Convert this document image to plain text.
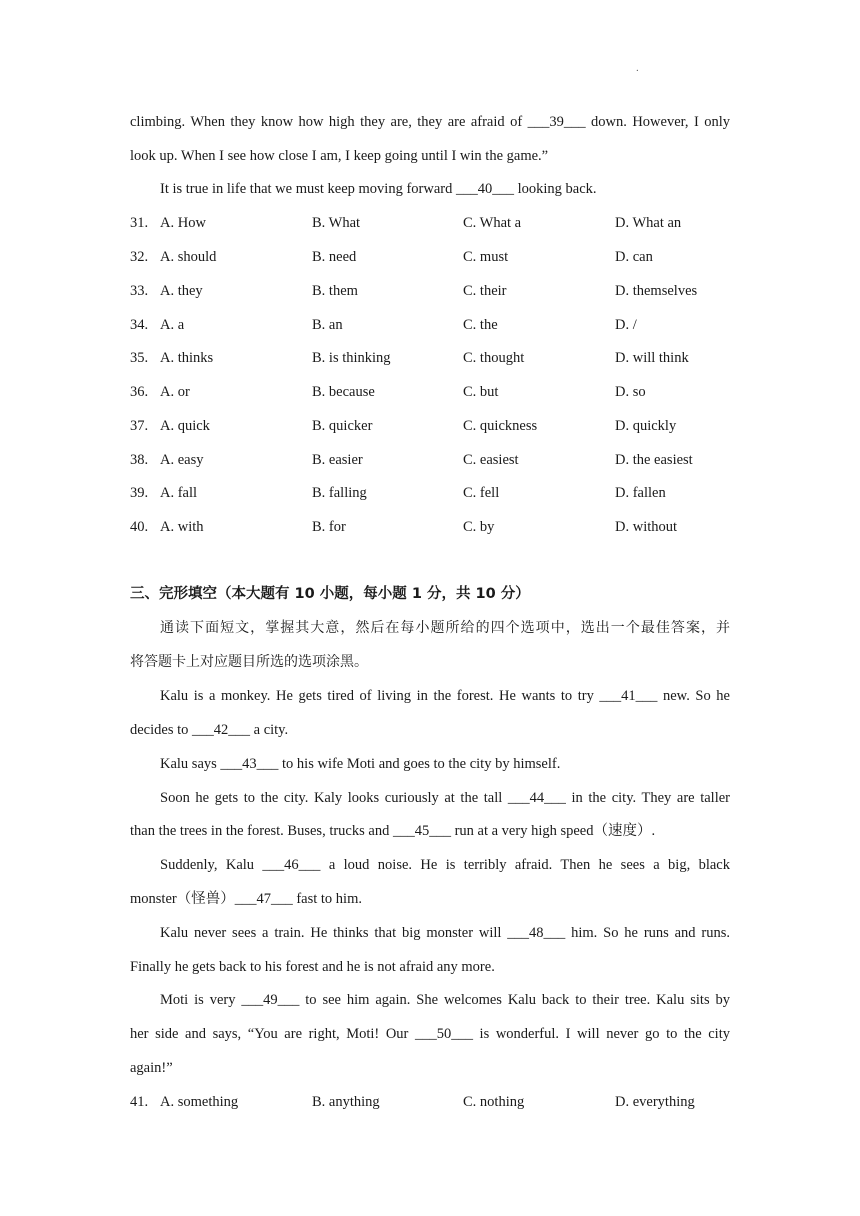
.
climbing. When they know how high they are, they are afraid of ___39___ down. However, I only
look up. When I see how close I am, I keep going until I win the game.”
It is true in life that we must keep moving forward ___40___ looking back.
31. A. How	B. What	C. What a	D. What an
32. A. should	B. need	C. must	D. can
33. A. they	B. them	C. their	D. themselves
34. A. a	B. an	C. the	D. /
35. A. thinks	B. is thinking	C. thought	D. will think
36. A. or	B. because	C. but	D. so
37. A. quick	B. quicker	C. quickness	D. quickly
38. A. easy	B. easier	C. easiest	D. the easiest
39. A. fall	B. falling	C. fell	D. fallen
40. A. with	B. for	C. by	D. without
三、完形填空（本大题有 10 小题，每小题 1 分，共 10 分）
通读下面短文，掌握其大意，然后在每小题所给的四个选项中，选出一个最佳答案，并
将答题卡上对应题目所选的选项涂黑。
Kalu is a monkey. He gets tired of living in the forest. He wants to try ___41___ new. So he
decides to ___42___ a city.
Kalu says ___43___ to his wife Moti and goes to the city by himself.
Soon he gets to the city. Kaly looks curiously at the tall ___44___ in the city. They are taller
than the trees in the forest. Buses, trucks and ___45___ run at a very high speed（速度）.
Suddenly, Kalu ___46___ a loud noise. He is terribly afraid. Then he sees a big, black
monster（怪兽）___47___ fast to him.
Kalu never sees a train. He thinks that big monster will ___48___ him. So he runs and runs.
Finally he gets back to his forest and he is not afraid any more.
Moti is very ___49___ to see him again. She welcomes Kalu back to their tree. Kalu sits by
her side and says, “You are right, Moti! Our ___50___ is wonderful. I will never go to the city
again!”
41. A. something	B. anything	C. nothing	D. everything
